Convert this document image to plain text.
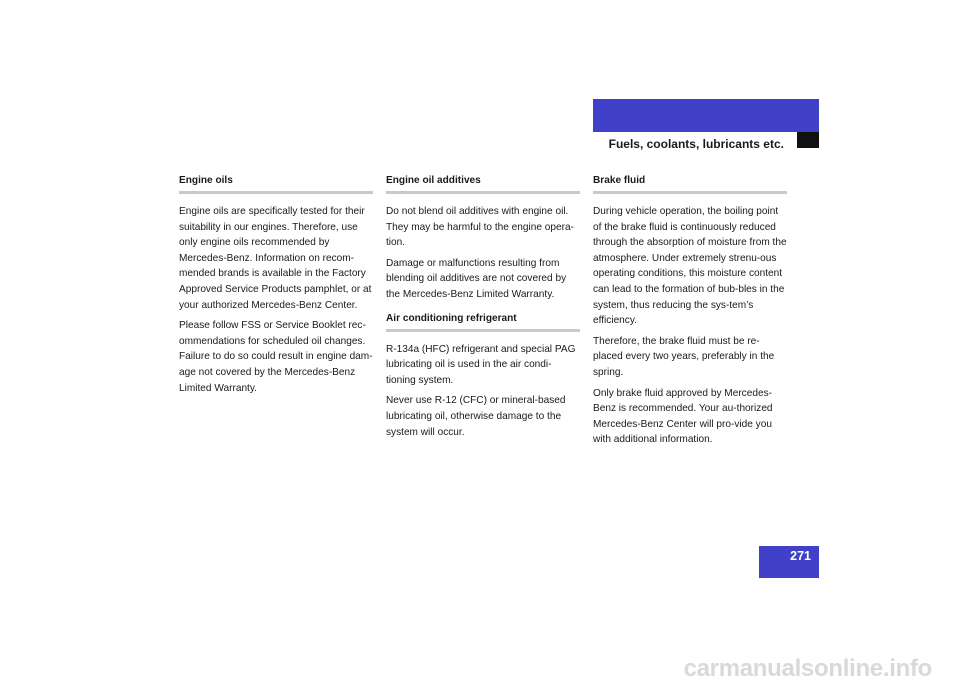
Technical data
Fuels, coolants, lubricants etc.
Engine oils

Engine oils are specifically tested for their suitability in our engines. Therefore, use only engine oils recommended by Mercedes-Benz. Information on recom-mended brands is available in the Factory Approved Service Products pamphlet, or at your authorized Mercedes-Benz Center.

Please follow FSS or Service Booklet rec-ommendations for scheduled oil changes. Failure to do so could result in engine dam-age not covered by the Mercedes-Benz Limited Warranty.

Engine oil additives

Do not blend oil additives with engine oil. They may be harmful to the engine opera-tion.

Damage or malfunctions resulting from blending oil additives are not covered by the Mercedes-Benz Limited Warranty.

Air conditioning refrigerant

R-134a (HFC) refrigerant and special PAG lubricating oil is used in the air condi-tioning system.

Never use R-12 (CFC) or mineral-based lubricating oil, otherwise damage to the system will occur.

Brake fluid

During vehicle operation, the boiling point of the brake fluid is continuously reduced through the absorption of moisture from the atmosphere. Under extremely strenu-ous operating conditions, this moisture content can lead to the formation of bub-bles in the system, thus reducing the sys-tem’s efficiency.

Therefore, the brake fluid must be re-placed every two years, preferably in the spring.

Only brake fluid approved by Mercedes-Benz is recommended. Your au-thorized Mercedes-Benz Center will pro-vide you with additional information.

271
carmanualsonline.info
